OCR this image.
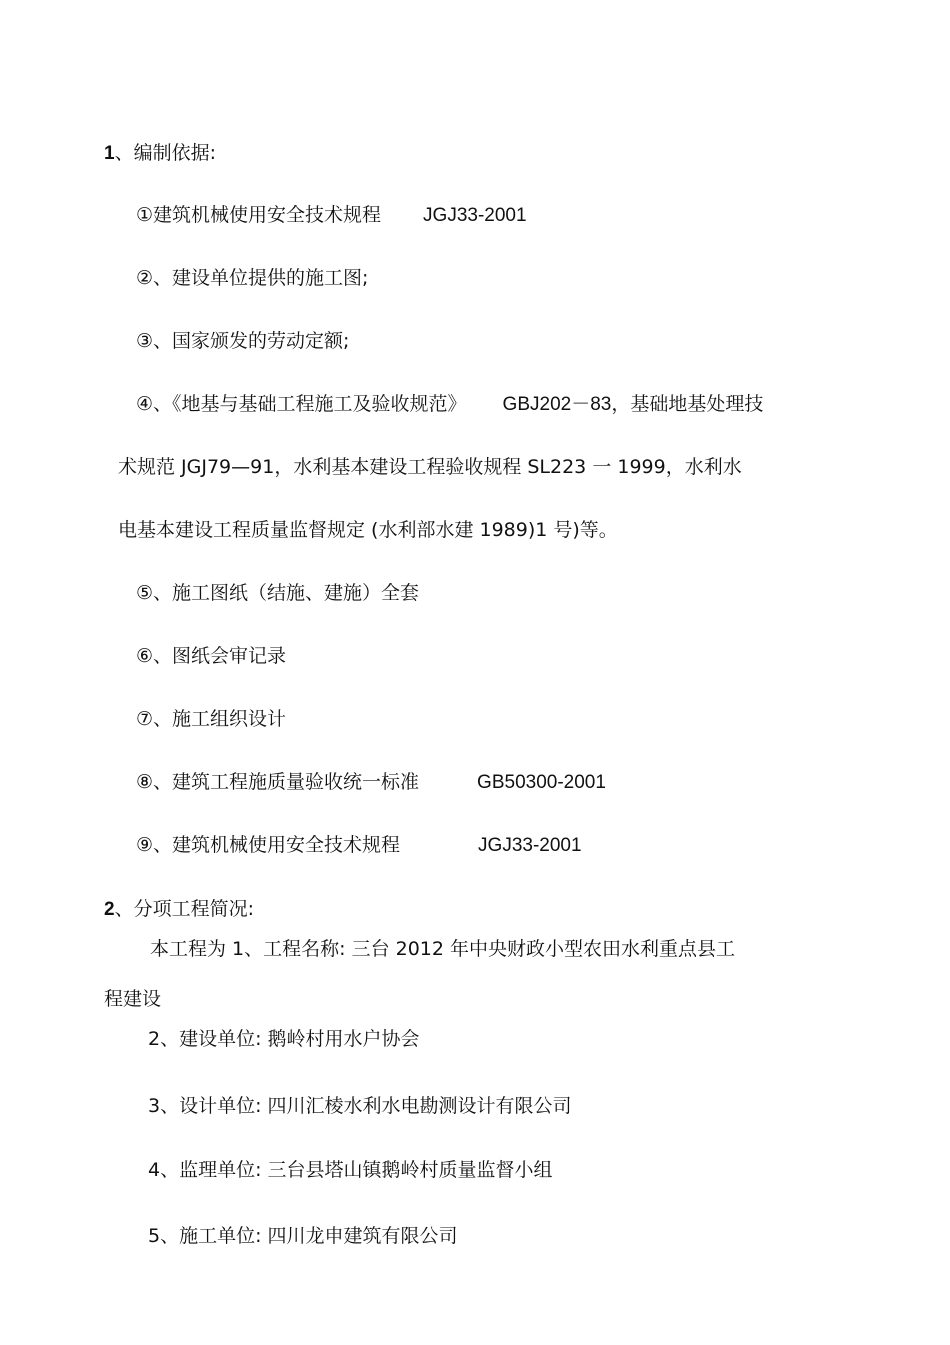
1、编制依据:
①建筑机械使用安全技术规程 JGJ33-2001
②、建设单位提供的施工图;
③、国家颁发的劳动定额;
④、《地基与基础工程施工及验收规范》 GBJ202－83，基础地基处理技
术规范 JGJ79—91，水利基本建设工程验收规程 SL223 一 1999，水利水
电基本建设工程质量监督规定 (水利部水建 1989)1 号)等。
⑤、施工图纸（结施、建施）全套
⑥、图纸会审记录
⑦、施工组织设计
⑧、建筑工程施质量验收统一标准	GB50300-2001
⑨、建筑机械使用安全技术规程	JGJ33-2001
2、分项工程简况:
本工程为 1、工程名称: 三台 2012 年中央财政小型农田水利重点县工
程建设
2、建设单位: 鹅岭村用水户协会
3、设计单位: 四川汇棱水利水电勘测设计有限公司
4、监理单位: 三台县塔山镇鹅岭村质量监督小组
5、施工单位: 四川龙申建筑有限公司
